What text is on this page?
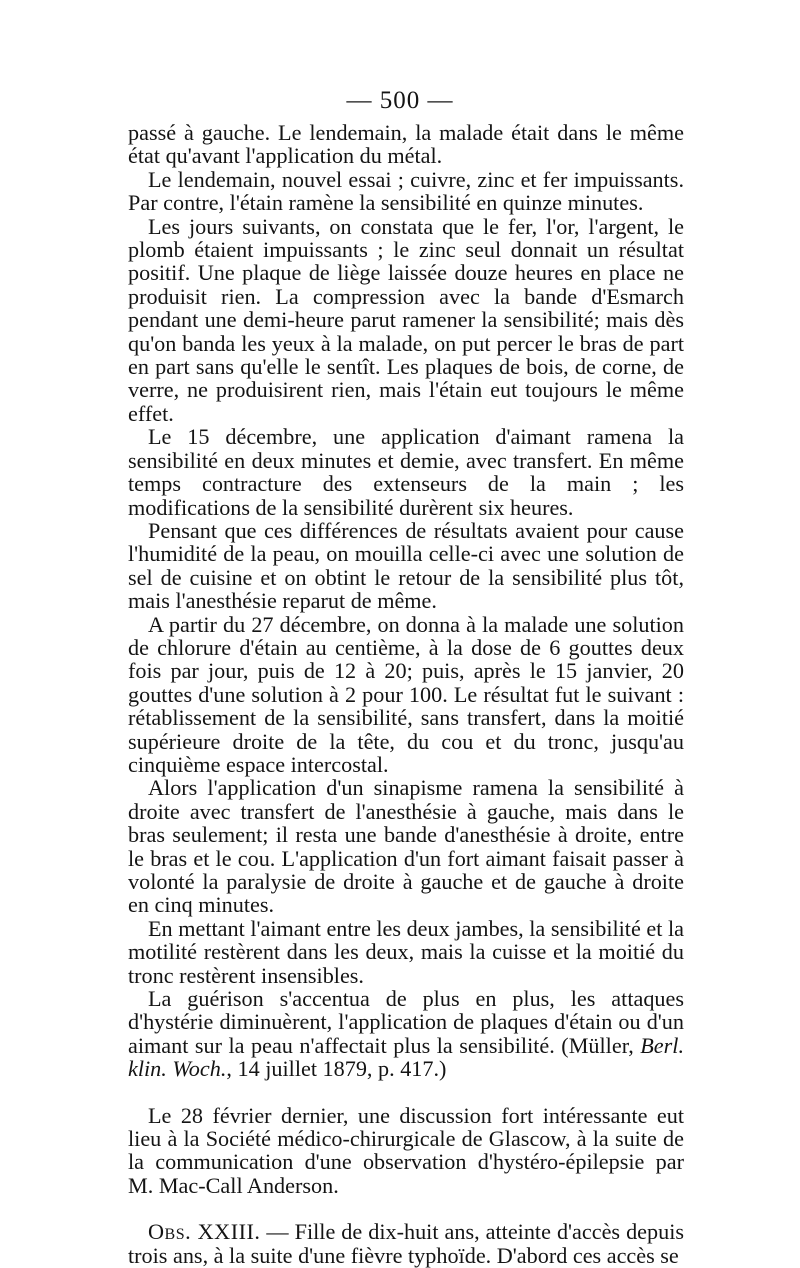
— 500 —

passé à gauche. Le lendemain, la malade était dans le même état qu'avant l'application du métal.

Le lendemain, nouvel essai ; cuivre, zinc et fer impuissants. Par contre, l'étain ramène la sensibilité en quinze minutes.

Les jours suivants, on constata que le fer, l'or, l'argent, le plomb étaient impuissants ; le zinc seul donnait un résultat positif. Une plaque de liège laissée douze heures en place ne produisit rien. La compression avec la bande d'Esmarch pendant une demi-heure parut ramener la sensibilité; mais dès qu'on banda les yeux à la malade, on put percer le bras de part en part sans qu'elle le sentît. Les plaques de bois, de corne, de verre, ne produisirent rien, mais l'étain eut toujours le même effet.

Le 15 décembre, une application d'aimant ramena la sensibilité en deux minutes et demie, avec transfert. En même temps contracture des extenseurs de la main ; les modifications de la sensibilité durèrent six heures.

Pensant que ces différences de résultats avaient pour cause l'humidité de la peau, on mouilla celle-ci avec une solution de sel de cuisine et on obtint le retour de la sensibilité plus tôt, mais l'anesthésie reparut de même.

A partir du 27 décembre, on donna à la malade une solution de chlorure d'étain au centième, à la dose de 6 gouttes deux fois par jour, puis de 12 à 20; puis, après le 15 janvier, 20 gouttes d'une solution à 2 pour 100. Le résultat fut le suivant : rétablissement de la sensibilité, sans transfert, dans la moitié supérieure droite de la tête, du cou et du tronc, jusqu'au cinquième espace intercostal.

Alors l'application d'un sinapisme ramena la sensibilité à droite avec transfert de l'anesthésie à gauche, mais dans le bras seulement; il resta une bande d'anesthésie à droite, entre le bras et le cou. L'application d'un fort aimant faisait passer à volonté la paralysie de droite à gauche et de gauche à droite en cinq minutes.

En mettant l'aimant entre les deux jambes, la sensibilité et la motilité restèrent dans les deux, mais la cuisse et la moitié du tronc restèrent insensibles.

La guérison s'accentua de plus en plus, les attaques d'hystérie diminuèrent, l'application de plaques d'étain ou d'un aimant sur la peau n'affectait plus la sensibilité. (Müller, Berl. klin. Woch., 14 juillet 1879, p. 417.)

Le 28 février dernier, une discussion fort intéressante eut lieu à la Société médico-chirurgicale de Glascow, à la suite de la communication d'une observation d'hystéro-épilepsie par M. Mac-Call Anderson.

Obs. XXIII. — Fille de dix-huit ans, atteinte d'accès depuis trois ans, à la suite d'une fièvre typhoïde. D'abord ces accès se
